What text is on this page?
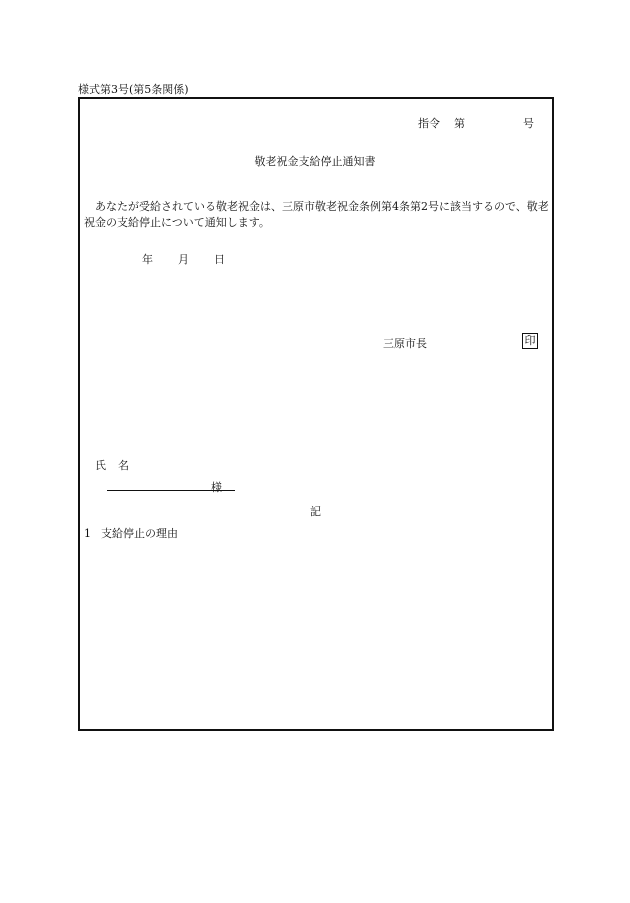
様式第3号(第5条関係)
指令 第	号
敬老祝金支給停止通知書
あなたが受給されている敬老祝金は、三原市敬老祝金条例第4条第2号に該当するので、敬老祝金の支給停止について通知します。
年 月 日
三原市長	印
氏 名
様
記
1 支給停止の理由
